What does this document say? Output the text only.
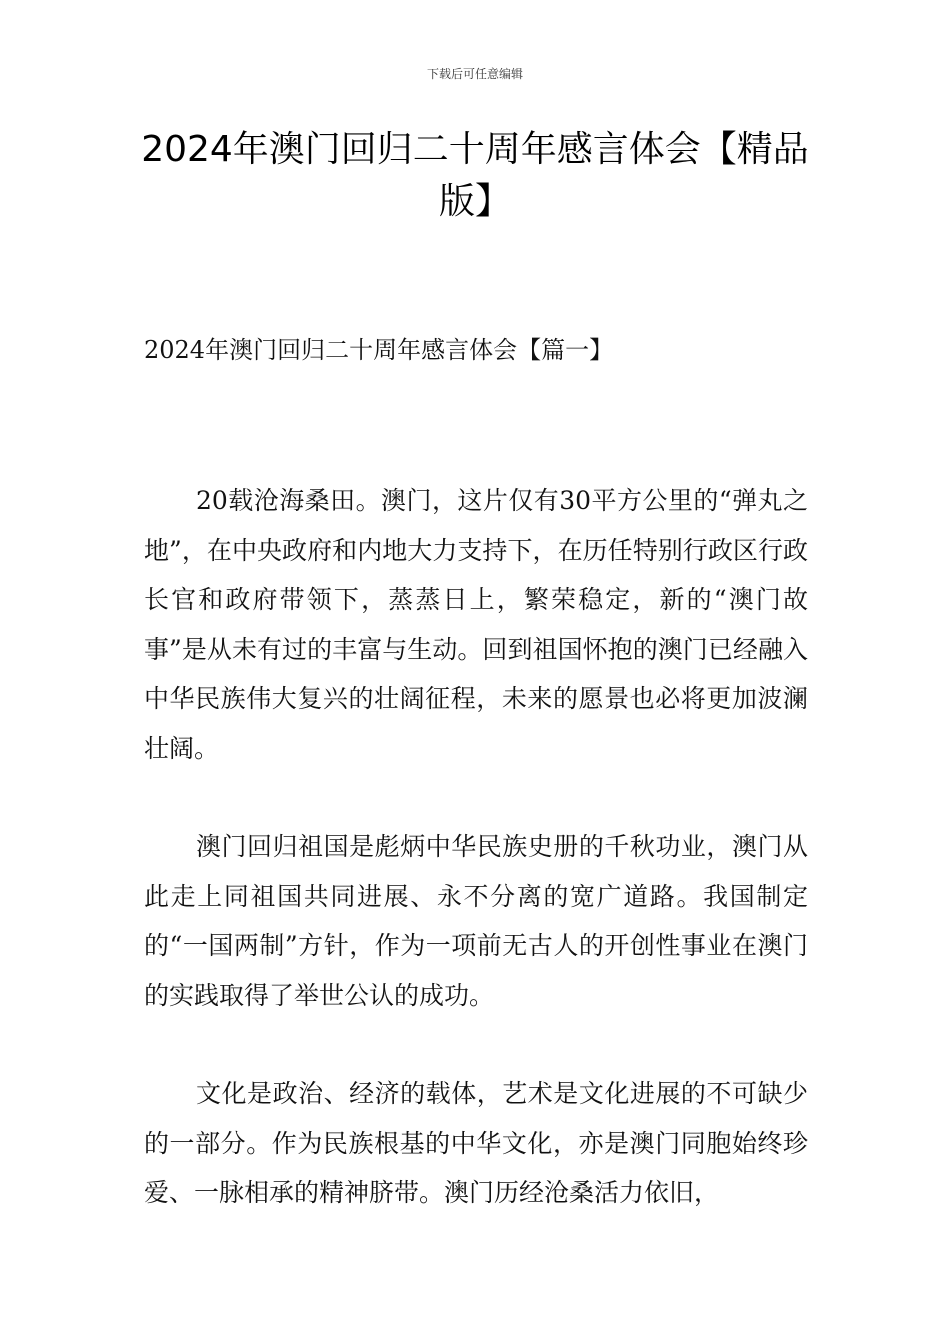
下载后可任意编辑
2024年澳门回归二十周年感言体会【精品版】
2024年澳门回归二十周年感言体会【篇一】

20载沧海桑田。澳门，这片仅有30平方公里的“弹丸之地”，在中央政府和内地大力支持下，在历任特别行政区行政长官和政府带领下，蒸蒸日上，繁荣稳定，新的“澳门故事”是从未有过的丰富与生动。回到祖国怀抱的澳门已经融入中华民族伟大复兴的壮阔征程，未来的愿景也必将更加波澜壮阔。

澳门回归祖国是彪炳中华民族史册的千秋功业，澳门从此走上同祖国共同进展、永不分离的宽广道路。我国制定的“一国两制”方针，作为一项前无古人的开创性事业在澳门的实践取得了举世公认的成功。

文化是政治、经济的载体，艺术是文化进展的不可缺少的一部分。作为民族根基的中华文化，亦是澳门同胞始终珍爱、一脉相承的精神脐带。澳门历经沧桑活力依旧，
